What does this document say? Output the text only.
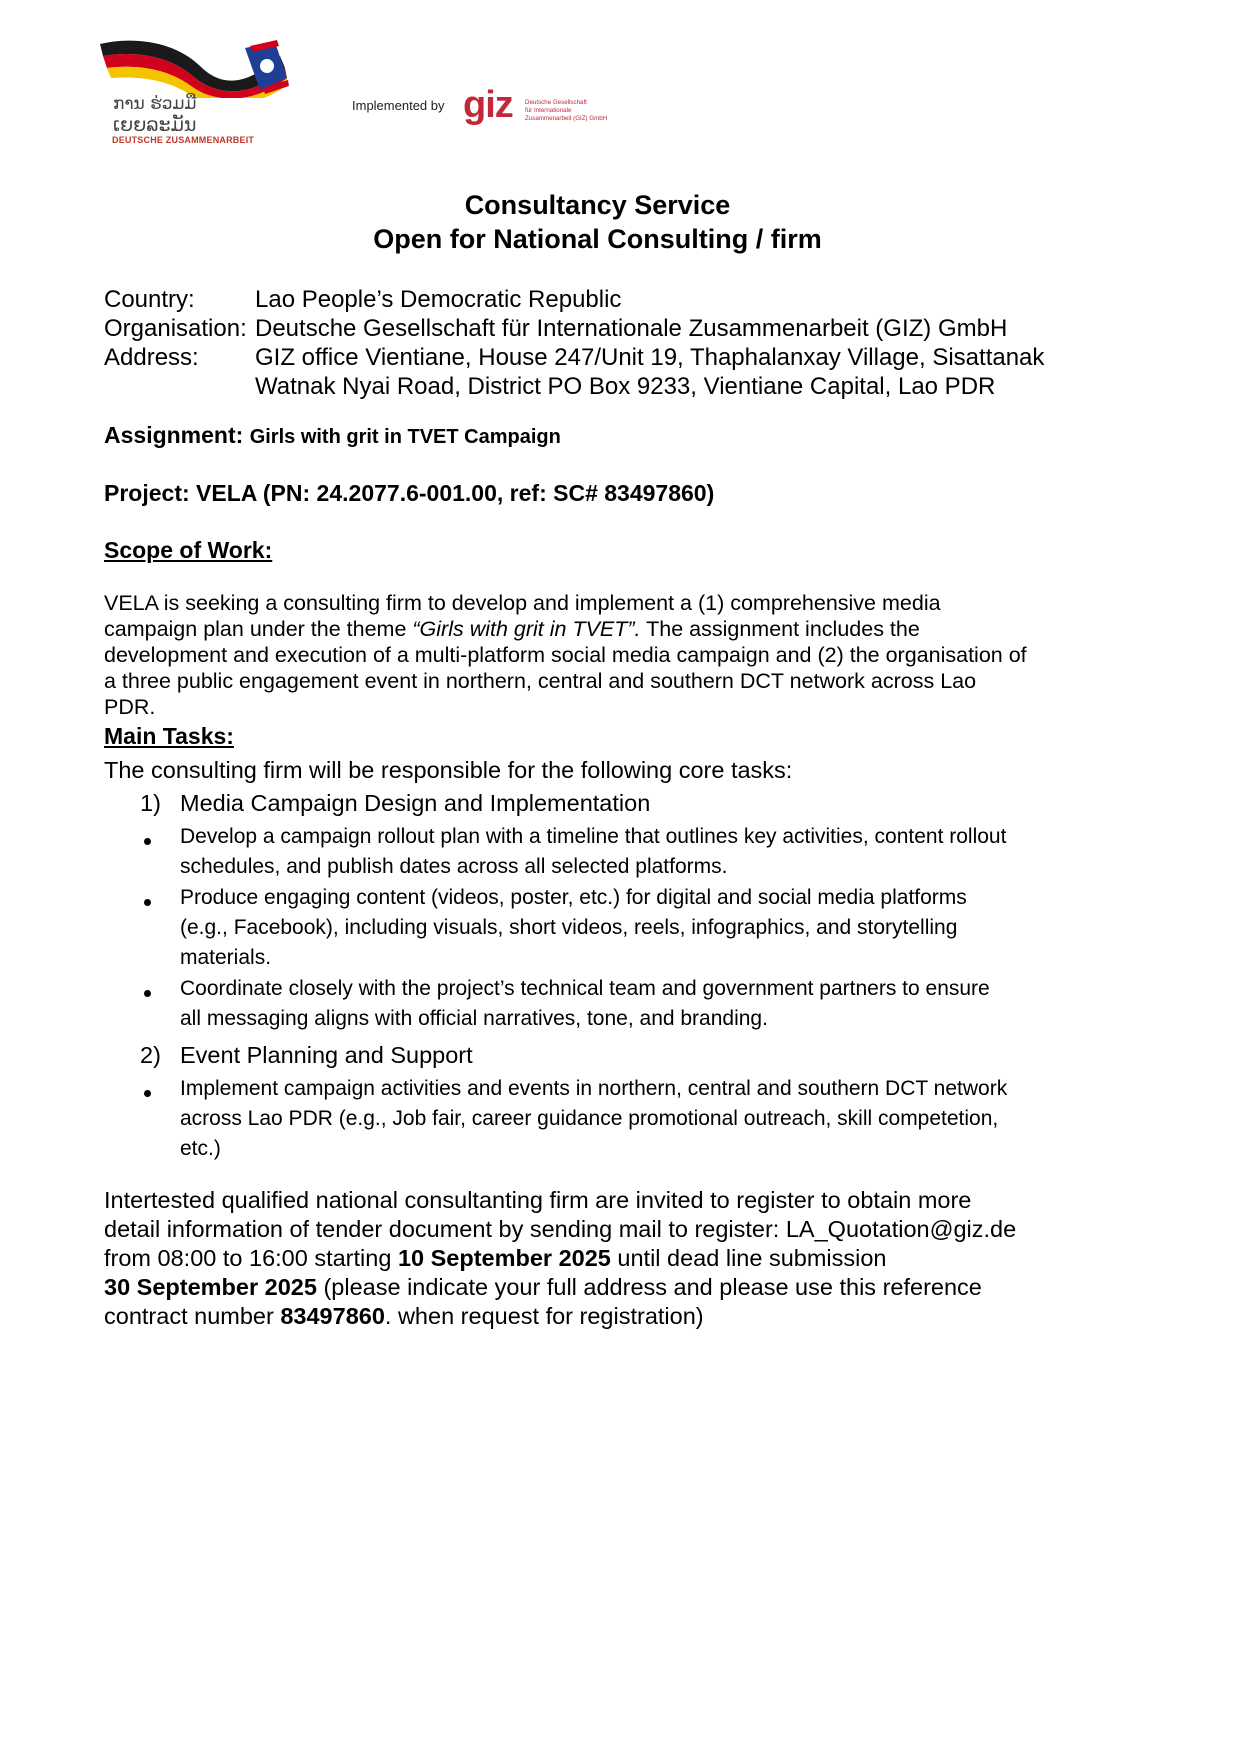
ການ ຮ່ວມມື
ເຍຍລະມັນ
DEUTSCHE ZUSAMMENARBEIT
Implemented by giz Deutsche Gesellschaft
für Internationale
Zusammenarbeit (GIZ) GmbH
Consultancy Service
Open for National Consulting / firm
Country:	Lao People’s Democratic Republic
Organisation: Deutsche Gesellschaft für Internationale Zusammenarbeit (GIZ) GmbH
Address: GIZ office Vientiane, House 247/Unit 19, Thaphalanxay Village, Sisattanak
Watnak Nyai Road, District PO Box 9233, Vientiane Capital, Lao PDR
Assignment: Girls with grit in TVET Campaign
Project: VELA (PN: 24.2077.6-001.00, ref: SC# 83497860)
Scope of Work:
VELA is seeking a consulting firm to develop and implement a (1) comprehensive media
campaign plan under the theme “Girls with grit in TVET”. The assignment includes the
development and execution of a multi-platform social media campaign and (2) the organisation of
a three public engagement event in northern, central and southern DCT network across Lao
PDR.
Main Tasks:
The consulting firm will be responsible for the following core tasks:
1) Media Campaign Design and Implementation
Develop a campaign rollout plan with a timeline that outlines key activities, content rollout
schedules, and publish dates across all selected platforms.
Produce engaging content (videos, poster, etc.) for digital and social media platforms
(e.g., Facebook), including visuals, short videos, reels, infographics, and storytelling
materials.
Coordinate closely with the project’s technical team and government partners to ensure
all messaging aligns with official narratives, tone, and branding.
2) Event Planning and Support
Implement campaign activities and events in northern, central and southern DCT network
across Lao PDR (e.g., Job fair, career guidance promotional outreach, skill competetion,
etc.)
Intertested qualified national consultanting firm are invited to register to obtain more
detail information of tender document by sending mail to register: LA_Quotation@giz.de
from 08:00 to 16:00 starting 10 September 2025 until dead line submission
30 September 2025 (please indicate your full address and please use this reference
contract number 83497860. when request for registration)
